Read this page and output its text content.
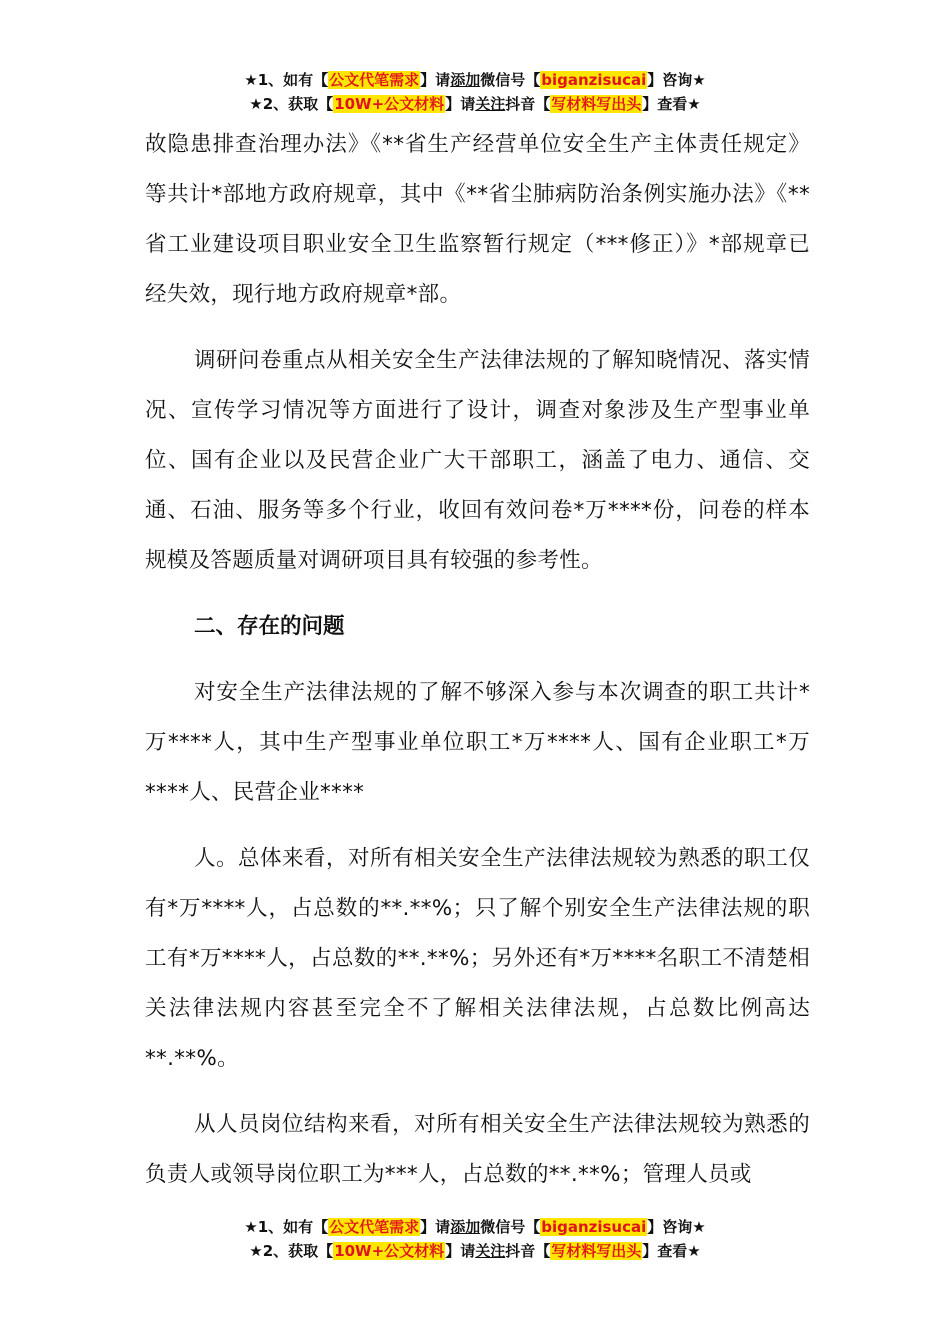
★1、如有【公文代笔需求】请添加微信号【biganzisucai】咨询★
★2、获取【10W+公文材料】请关注抖音【写材料写出头】查看★

故隐患排查治理办法》《**省生产经营单位安全生产主体责任规定》等共计*部地方政府规章，其中《**省尘肺病防治条例实施办法》《**省工业建设项目职业安全卫生监察暂行规定（***修正）》*部规章已经失效，现行地方政府规章*部。

调研问卷重点从相关安全生产法律法规的了解知晓情况、落实情况、宣传学习情况等方面进行了设计，调查对象涉及生产型事业单位、国有企业以及民营企业广大干部职工，涵盖了电力、通信、交通、石油、服务等多个行业，收回有效问卷*万****份，问卷的样本规模及答题质量对调研项目具有较强的参考性。

二、存在的问题

对安全生产法律法规的了解不够深入参与本次调查的职工共计*万****人，其中生产型事业单位职工*万****人、国有企业职工*万****人、民营企业****

人。总体来看，对所有相关安全生产法律法规较为熟悉的职工仅有*万****人，占总数的**.**%；只了解个别安全生产法律法规的职工有*万****人，占总数的**.**%；另外还有*万****名职工不清楚相关法律法规内容甚至完全不了解相关法律法规，占总数比例高达**.**%。

从人员岗位结构来看，对所有相关安全生产法律法规较为熟悉的负责人或领导岗位职工为***人，占总数的**.**%；管理人员或

★1、如有【公文代笔需求】请添加微信号【biganzisucai】咨询★
★2、获取【10W+公文材料】请关注抖音【写材料写出头】查看★
